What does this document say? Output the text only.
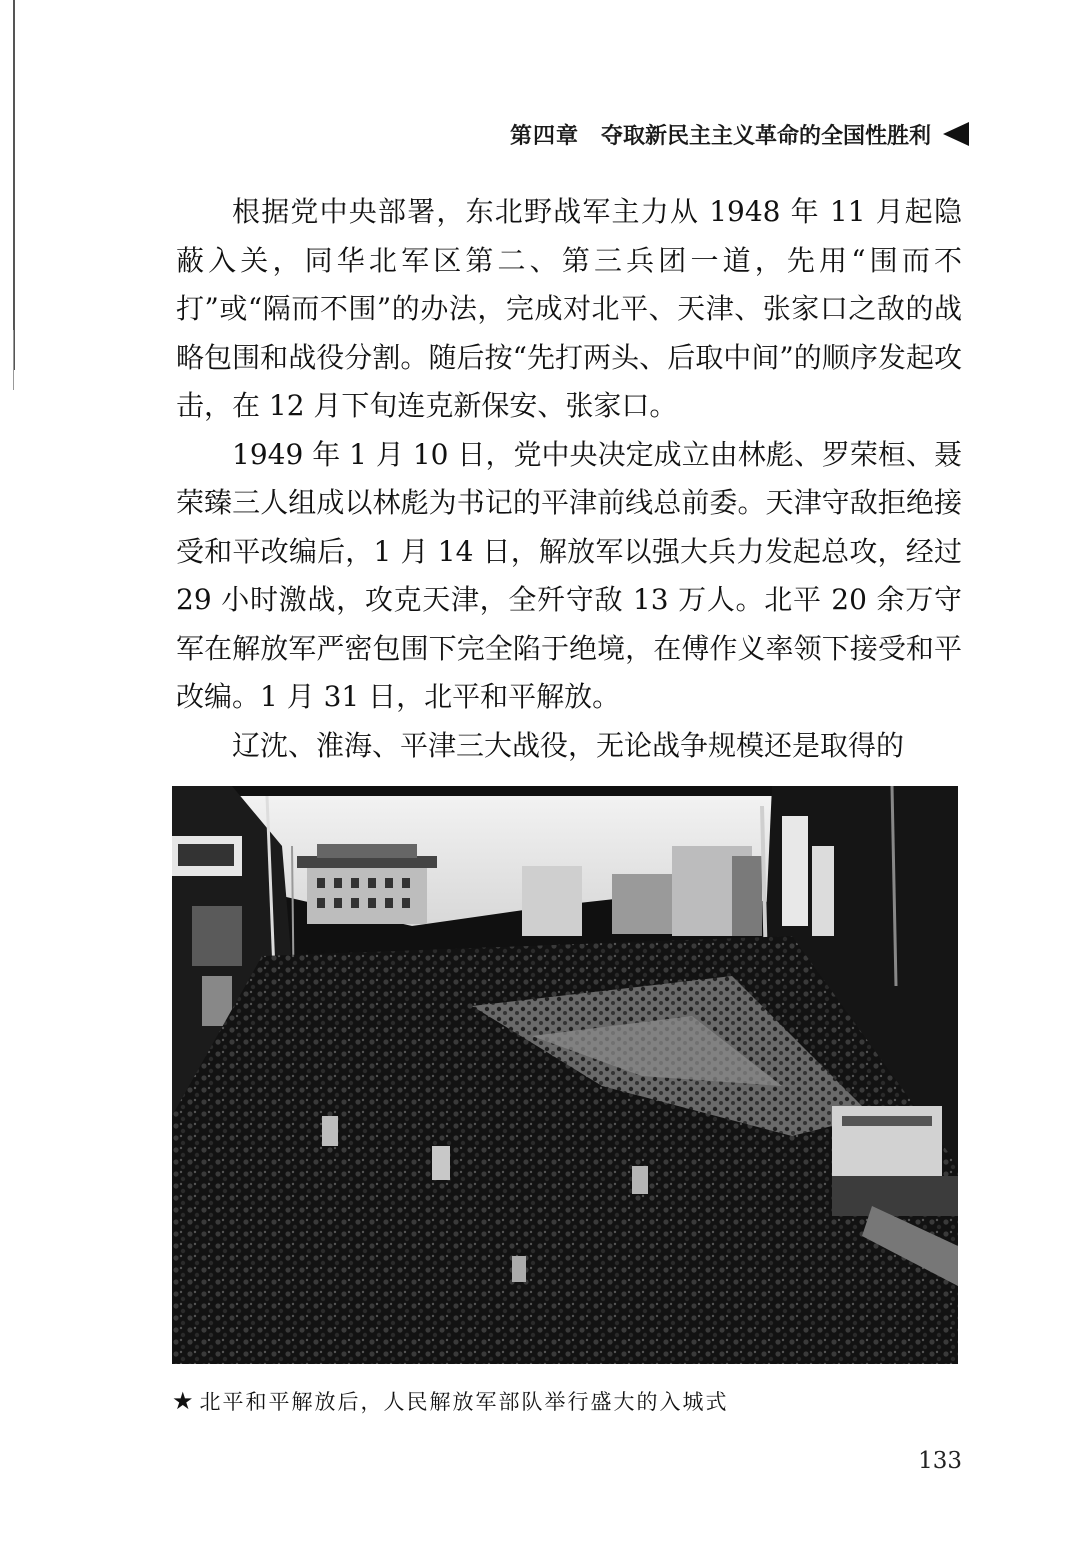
第四章 夺取新民主主义革命的全国性胜利

根据党中央部署，东北野战军主力从 1948 年 11 月起隐蔽入关，同华北军区第二、第三兵团一道，先用“围而不打”或“隔而不围”的办法，完成对北平、天津、张家口之敌的战略包围和战役分割。随后按“先打两头、后取中间”的顺序发起攻击，在 12 月下旬连克新保安、张家口。

1949 年 1 月 10 日，党中央决定成立由林彪、罗荣桓、聂荣臻三人组成以林彪为书记的平津前线总前委。天津守敌拒绝接受和平改编后，1 月 14 日，解放军以强大兵力发起总攻，经过 29 小时激战，攻克天津，全歼守敌 13 万人。北平 20 余万守军在解放军严密包围下完全陷于绝境，在傅作义率领下接受和平改编。1 月 31 日，北平和平解放。

辽沈、淮海、平津三大战役，无论战争规模还是取得的

★ 北平和平解放后，人民解放军部队举行盛大的入城式
133
